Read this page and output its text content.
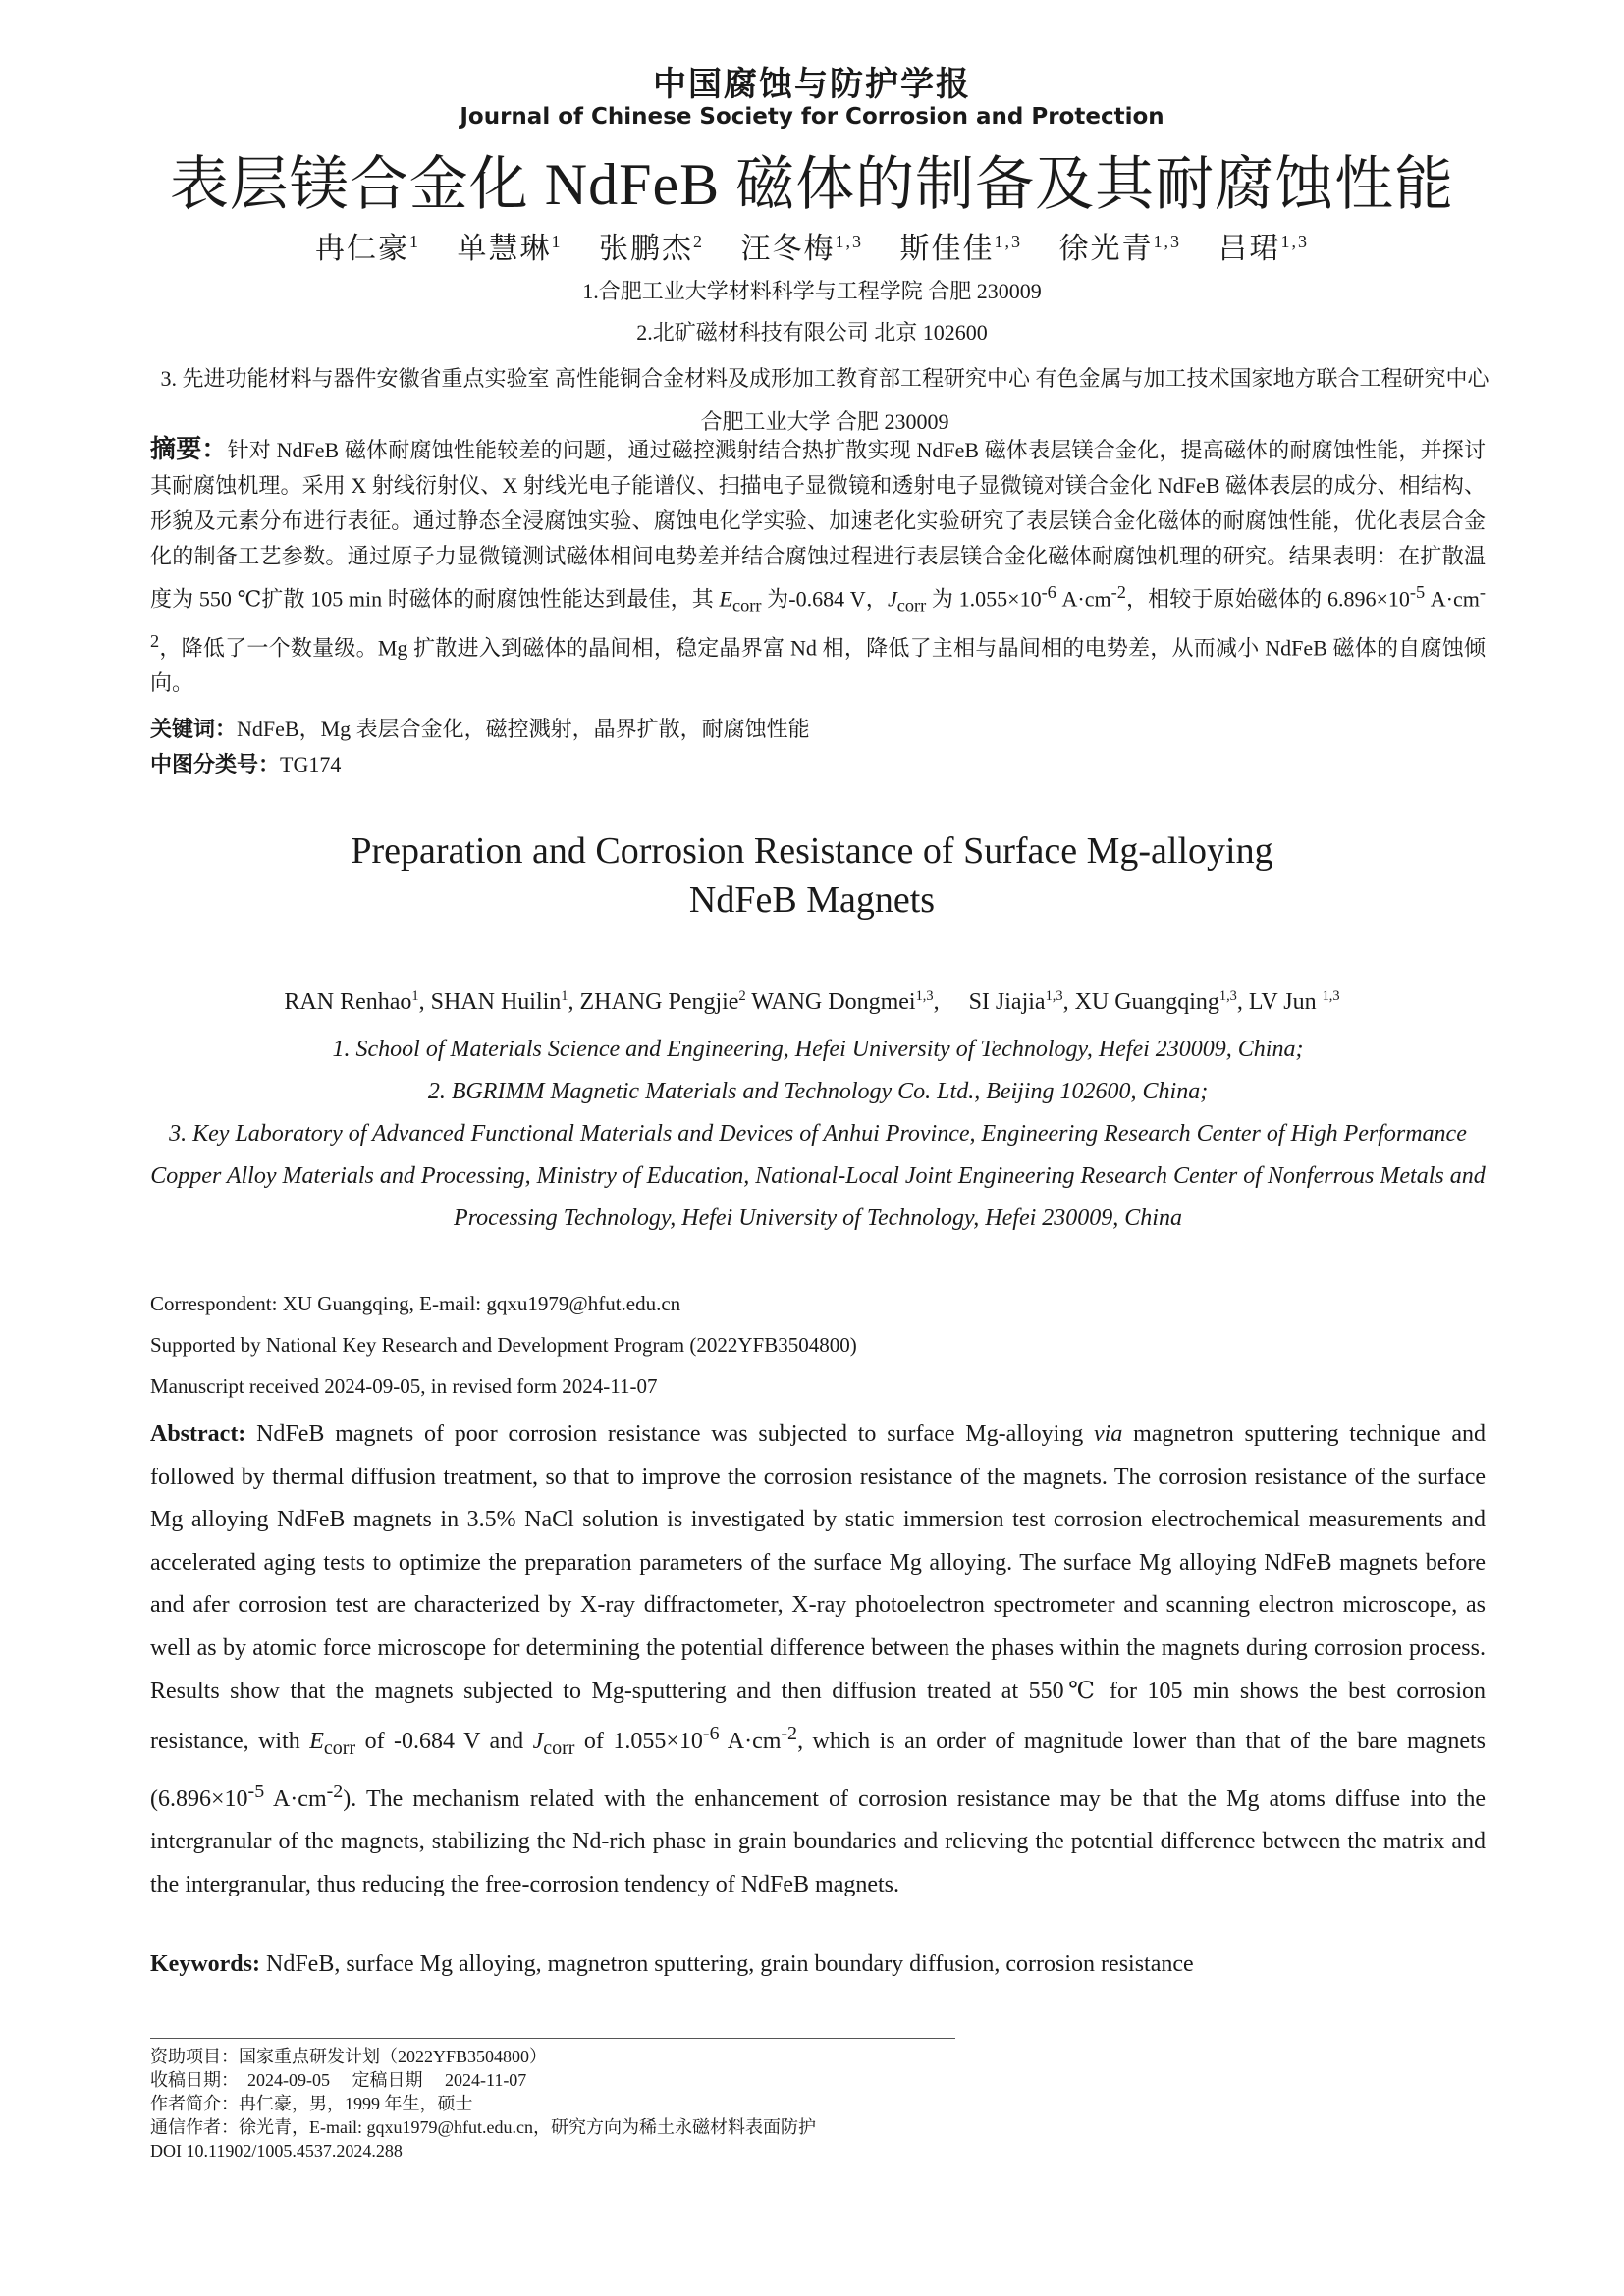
中国腐蚀与防护学报
Journal of Chinese Society for Corrosion and Protection
表层镁合金化 NdFeB 磁体的制备及其耐腐蚀性能
冉仁豪$^1$ 单慧琳$^1$ 张鹏杰$^2$ 汪冬梅$^{1,3}$ 斯佳佳$^{1,3}$ 徐光青$^{1,3}$ 吕珺$^{1,3}$
1.合肥工业大学材料科学与工程学院 合肥 230009
2.北矿磁材科技有限公司 北京 102600
3. 先进功能材料与器件安徽省重点实验室 高性能铜合金材料及成形加工教育部工程研究中心 有色金属与加工技术国家地方联合工程研究中心 合肥工业大学 合肥 230009
摘要：针对 NdFeB 磁体耐腐蚀性能较差的问题，通过磁控溅射结合热扩散实现 NdFeB 磁体表层镁合金化，提高磁体的耐腐蚀性能，并探讨其耐腐蚀机理。采用 X 射线衍射仪、X 射线光电子能谱仪、扫描电子显微镜和透射电子显微镜对镁合金化 NdFeB 磁体表层的成分、相结构、形貌及元素分布进行表征。通过静态全浸腐蚀实验、腐蚀电化学实验、加速老化实验研究了表层镁合金化磁体的耐腐蚀性能，优化表层合金化的制备工艺参数。通过原子力显微镜测试磁体相间电势差并结合腐蚀过程进行表层镁合金化磁体耐腐蚀机理的研究。结果表明：在扩散温度为 550 ℃扩散 105 min 时磁体的耐腐蚀性能达到最佳，其 $E_{corr}$ 为-0.684 V，$J_{corr}$ 为 $1.055\times 10^{-6}$ $A\cdot cm^{-2}$，相较于原始磁体的 $6.896\times 10^{-5}$ $A\cdot cm^{-2}$，降低了一个数量级。Mg 扩散进入到磁体的晶间相，稳定晶界富 Nd 相，降低了主相与晶间相的电势差，从而减小 NdFeB 磁体的自腐蚀倾向。
关键词：NdFeB，Mg 表层合金化，磁控溅射，晶界扩散，耐腐蚀性能
中图分类号：TG174
Preparation and Corrosion Resistance of Surface Mg-alloying
NdFeB Magnets
RAN Renhao$^1$, SHAN Huilin$^1$, ZHANG Pengjie$^2$ WANG Dongmei$^{1,3}$,     SI Jiajia$^{1,3}$, XU Guangqing$^{1,3}$, LV Jun $^{1,3}$
1. School of Materials Science and Engineering, Hefei University of Technology, Hefei 230009, China;
2. BGRIMM Magnetic Materials and Technology Co. Ltd., Beijing 102600, China;
3. Key Laboratory of Advanced Functional Materials and Devices of Anhui Province, Engineering Research Center of High Performance Copper Alloy Materials and Processing, Ministry of Education, National-Local Joint Engineering Research Center of Nonferrous Metals and Processing Technology, Hefei University of Technology, Hefei 230009, China
Correspondent: XU Guangqing, E-mail: gqxu1979@hfut.edu.cn
Supported by National Key Research and Development Program (2022YFB3504800)
Manuscript received 2024-09-05, in revised form 2024-11-07
Abstract: NdFeB magnets of poor corrosion resistance was subjected to surface Mg-alloying via magnetron sputtering technique and followed by thermal diffusion treatment, so that to improve the corrosion resistance of the magnets. The corrosion resistance of the surface Mg alloying NdFeB magnets in 3.5% NaCl solution is investigated by static immersion test corrosion electrochemical measurements and accelerated aging tests to optimize the preparation parameters of the surface Mg alloying. The surface Mg alloying NdFeB magnets before and afer corrosion test are characterized by X-ray diffractometer, X-ray photoelectron spectrometer and scanning electron microscope, as well as by atomic force microscope for determining the potential difference between the phases within the magnets during corrosion process. Results show that the magnets subjected to Mg-sputtering and then diffusion treated at 550℃ for 105 min shows the best corrosion resistance, with $E_{corr}$ of -0.684 V and $J_{corr}$ of $1.055\times 10^{-6}$ $A\cdot cm^{-2}$, which is an order of magnitude lower than that of the bare magnets ($6.896\times 10^{-5}$ $A\cdot cm^{-2}$). The mechanism related with the enhancement of corrosion resistance may be that the Mg atoms diffuse into the intergranular of the magnets, stabilizing the Nd-rich phase in grain boundaries and relieving the potential difference between the matrix and the intergranular, thus reducing the free-corrosion tendency of NdFeB magnets.
Keywords: NdFeB, surface Mg alloying, magnetron sputtering, grain boundary diffusion, corrosion resistance
资助项目：国家重点研发计划（2022YFB3504800）
收稿日期：  2024-09-05     定稿日期     2024-11-07
作者简介：冉仁豪，男，1999 年生，硕士
通信作者：徐光青，E-mail: gqxu1979@hfut.edu.cn，研究方向为稀土永磁材料表面防护
DOI 10.11902/1005.4537.2024.288
